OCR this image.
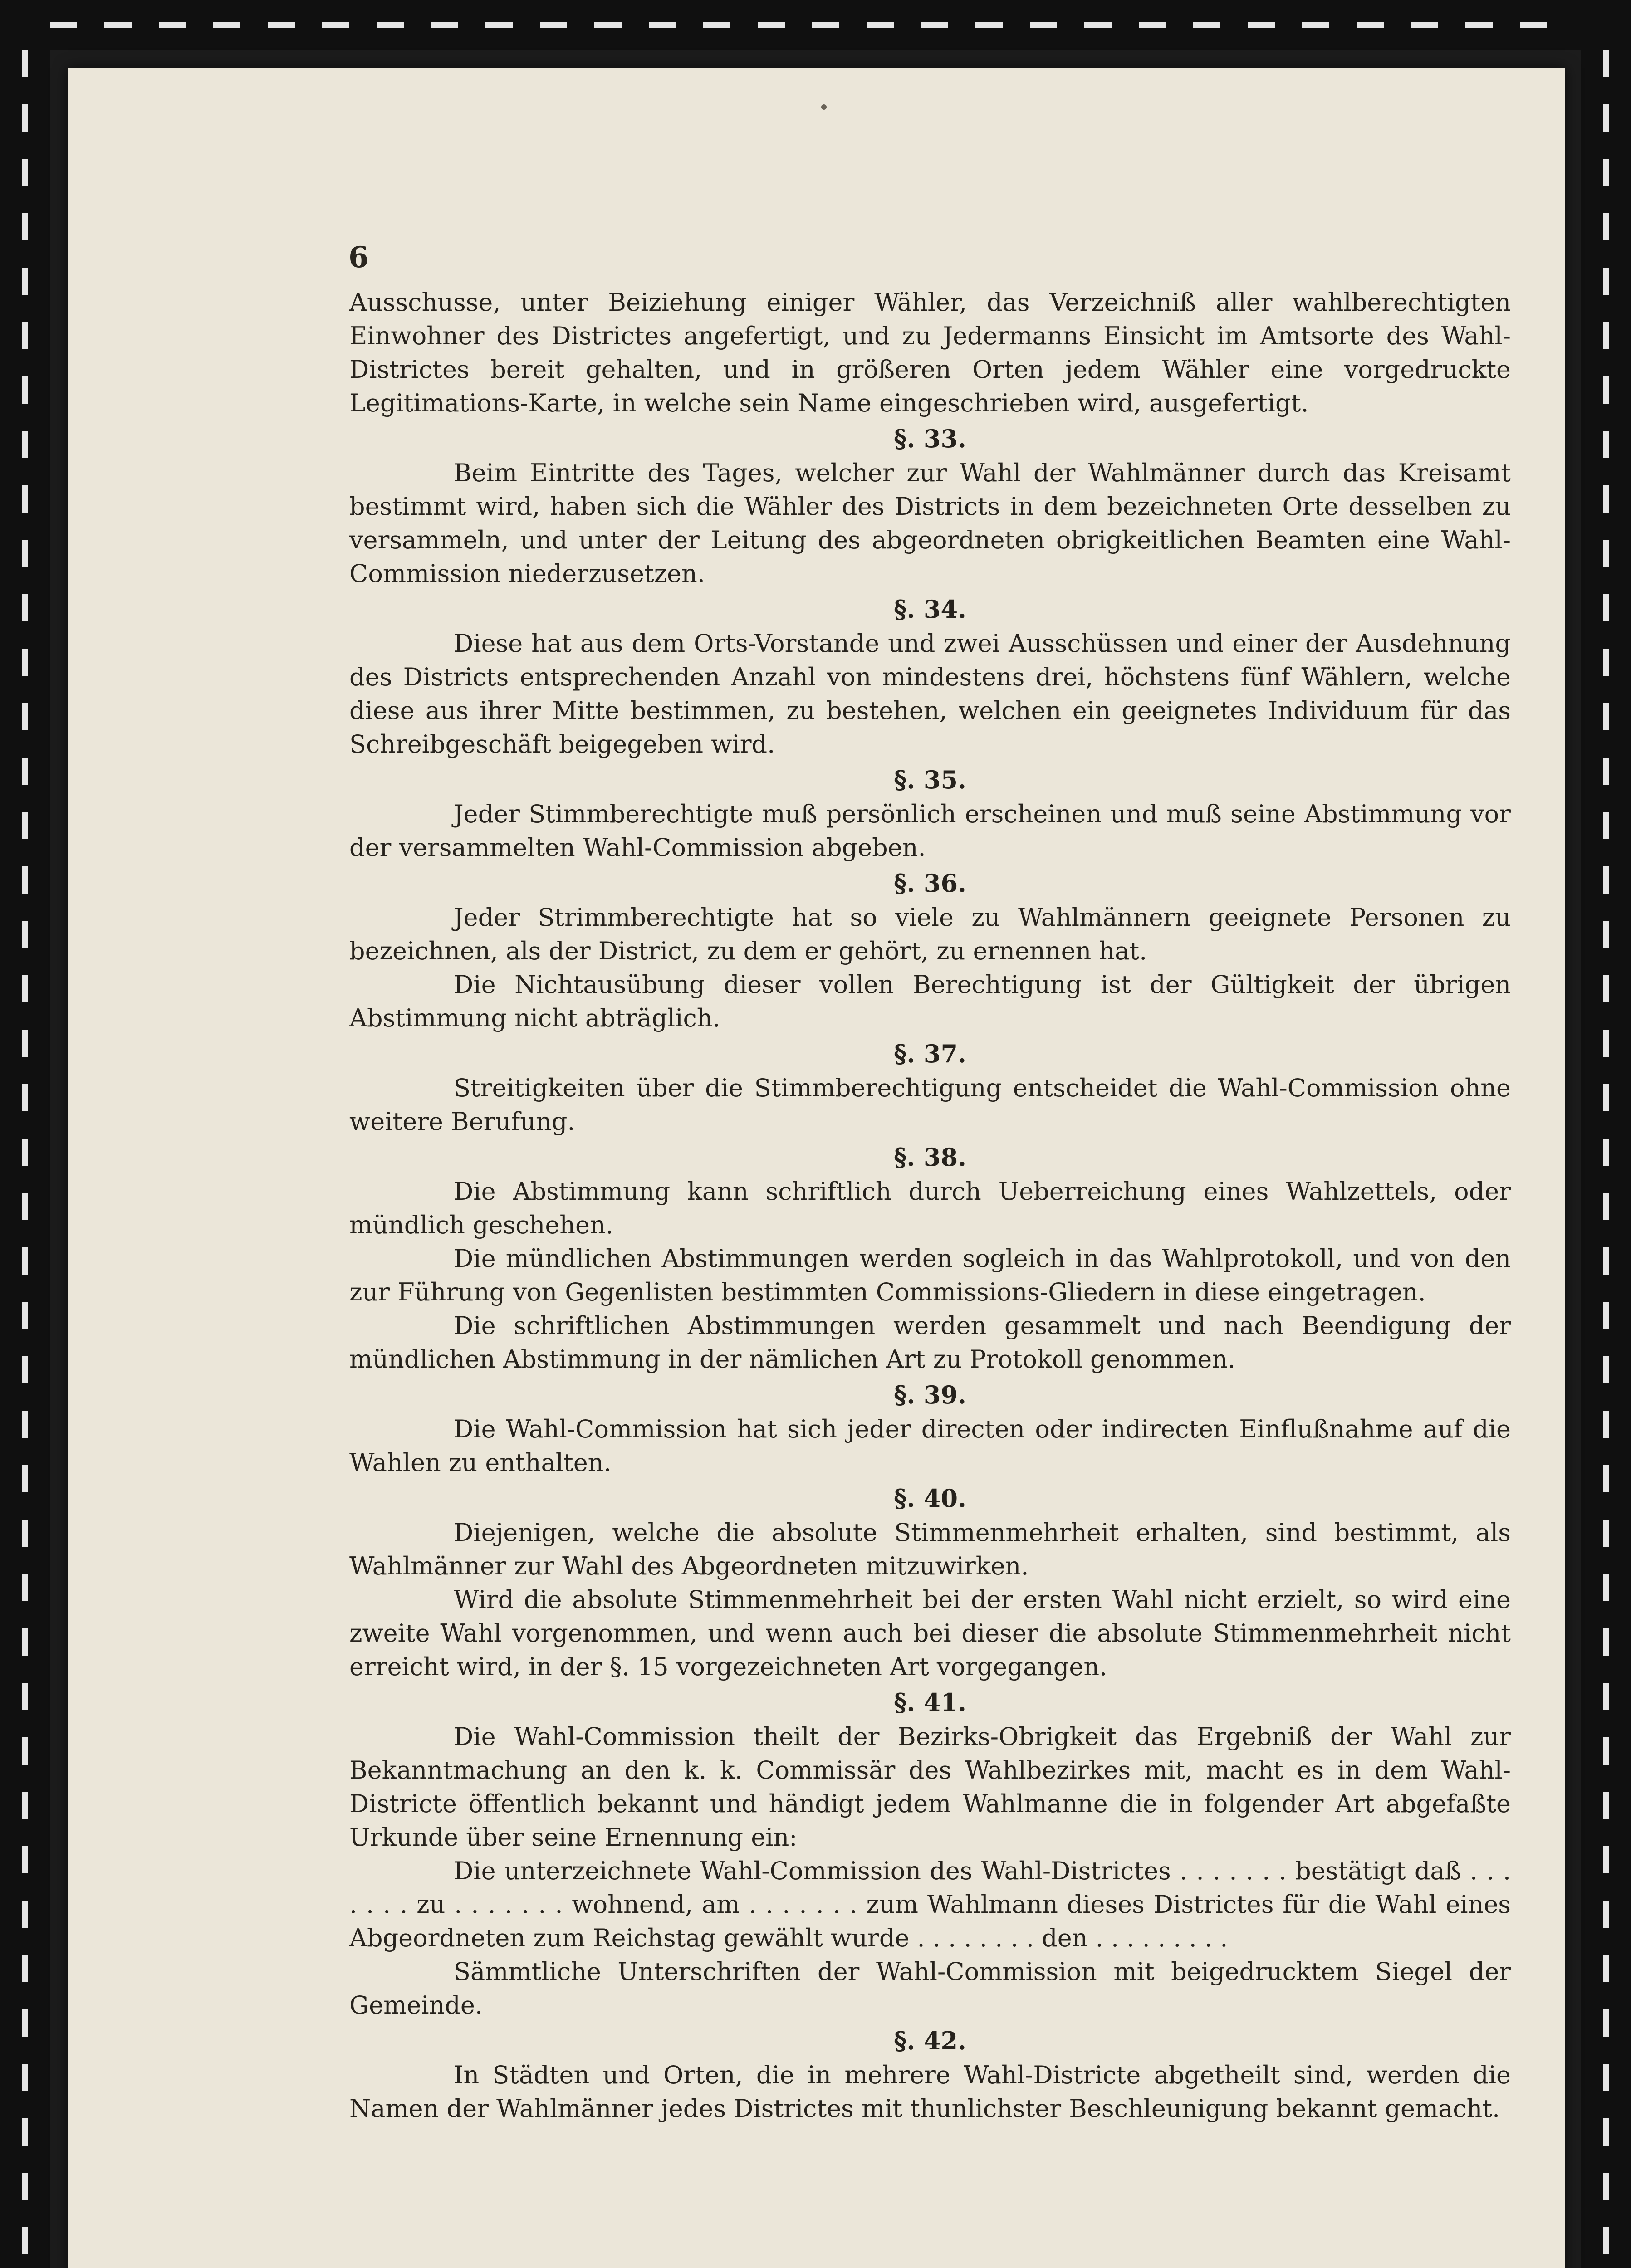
6

Ausschusse, unter Beiziehung einiger Wähler, das Verzeichniß aller wahlberechtigten Einwohner des Districtes angefertigt, und zu Jedermanns Einsicht im Amtsorte des Wahl-Districtes bereit gehalten, und in größeren Orten jedem Wähler eine vorgedruckte Legitimations-Karte, in welche sein Name eingeschrieben wird, ausgefertigt.

§. 33.

Beim Eintritte des Tages, welcher zur Wahl der Wahlmänner durch das Kreisamt bestimmt wird, haben sich die Wähler des Districts in dem bezeichneten Orte desselben zu versammeln, und unter der Leitung des abgeordneten obrigkeitlichen Beamten eine Wahl-Commission niederzusetzen.

§. 34.

Diese hat aus dem Orts-Vorstande und zwei Ausschüssen und einer der Ausdehnung des Districts entsprechenden Anzahl von mindestens drei, höchstens fünf Wählern, welche diese aus ihrer Mitte bestimmen, zu bestehen, welchen ein geeignetes Individuum für das Schreibgeschäft beigegeben wird.

§. 35.

Jeder Stimmberechtigte muß persönlich erscheinen und muß seine Abstimmung vor der versammelten Wahl-Commission abgeben.

§. 36.

Jeder Strimmberechtigte hat so viele zu Wahlmännern geeignete Personen zu bezeichnen, als der District, zu dem er gehört, zu ernennen hat.

Die Nichtausübung dieser vollen Berechtigung ist der Gültigkeit der übrigen Abstimmung nicht abträglich.

§. 37.

Streitigkeiten über die Stimmberechtigung entscheidet die Wahl-Commission ohne weitere Berufung.

§. 38.

Die Abstimmung kann schriftlich durch Ueberreichung eines Wahlzettels, oder mündlich geschehen.

Die mündlichen Abstimmungen werden sogleich in das Wahlprotokoll, und von den zur Führung von Gegenlisten bestimmten Commissions-Gliedern in diese eingetragen.

Die schriftlichen Abstimmungen werden gesammelt und nach Beendigung der mündlichen Abstimmung in der nämlichen Art zu Protokoll genommen.

§. 39.

Die Wahl-Commission hat sich jeder directen oder indirecten Einflußnahme auf die Wahlen zu enthalten.

§. 40.

Diejenigen, welche die absolute Stimmenmehrheit erhalten, sind bestimmt, als Wahlmänner zur Wahl des Abgeordneten mitzuwirken.

Wird die absolute Stimmenmehrheit bei der ersten Wahl nicht erzielt, so wird eine zweite Wahl vorgenommen, und wenn auch bei dieser die absolute Stimmenmehrheit nicht erreicht wird, in der §. 15 vorgezeichneten Art vorgegangen.

§. 41.

Die Wahl-Commission theilt der Bezirks-Obrigkeit das Ergebniß der Wahl zur Bekanntmachung an den k. k. Commissär des Wahlbezirkes mit, macht es in dem Wahl-Districte öffentlich bekannt und händigt jedem Wahlmanne die in folgender Art abgefaßte Urkunde über seine Ernennung ein:

Die unterzeichnete Wahl-Commission des Wahl-Districtes . . . . . . . bestätigt daß . . . . . . . zu . . . . . . . wohnend, am . . . . . . . zum Wahlmann dieses Districtes für die Wahl eines Abgeordneten zum Reichstag gewählt wurde . . . . . . . . den . . . . . . . . .

Sämmtliche Unterschriften der Wahl-Commission mit beigedrucktem Siegel der Gemeinde.

§. 42.

In Städten und Orten, die in mehrere Wahl-Districte abgetheilt sind, werden die Namen der Wahlmänner jedes Districtes mit thunlichster Beschleunigung bekannt gemacht.
